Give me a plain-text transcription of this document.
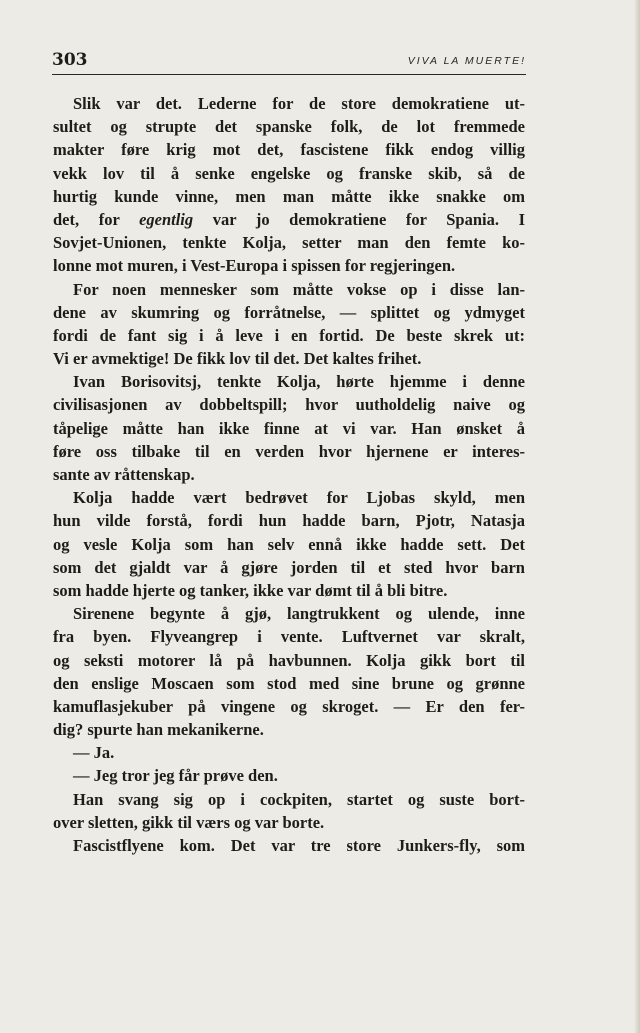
303	VIVA LA MUERTE!

Slik var det. Lederne for de store demokratiene ut-
sultet og strupte det spanske folk, de lot fremmede
makter føre krig mot det, fascistene fikk endog villig
vekk lov til å senke engelske og franske skib, så de
hurtig kunde vinne, men man måtte ikke snakke om
det, for egentlig var jo demokratiene for Spania. I
Sovjet-Unionen, tenkte Kolja, setter man den femte ko-
lonne mot muren, i Vest-Europa i spissen for regjeringen.

For noen mennesker som måtte vokse op i disse lan-
dene av skumring og forråtnelse, — splittet og ydmyget
fordi de fant sig i å leve i en fortid. De beste skrek ut:
Vi er avmektige! De fikk lov til det. Det kaltes frihet.

Ivan Borisovitsj, tenkte Kolja, hørte hjemme i denne
civilisasjonen av dobbeltspill; hvor uutholdelig naive og
tåpelige måtte han ikke finne at vi var. Han ønsket å
føre oss tilbake til en verden hvor hjernene er interes-
sante av råttenskap.

Kolja hadde vært bedrøvet for Ljobas skyld, men
hun vilde forstå, fordi hun hadde barn, Pjotr, Natasja
og vesle Kolja som han selv ennå ikke hadde sett. Det
som det gjaldt var å gjøre jorden til et sted hvor barn
som hadde hjerte og tanker, ikke var dømt til å bli bitre.

Sirenene begynte å gjø, langtrukkent og ulende, inne
fra byen. Flyveangrep i vente. Luftvernet var skralt,
og seksti motorer lå på havbunnen. Kolja gikk bort til
den enslige Moscaen som stod med sine brune og grønne
kamuflasjekuber på vingene og skroget. — Er den fer-
dig? spurte han mekanikerne.

— Ja.

— Jeg tror jeg får prøve den.

Han svang sig op i cockpiten, startet og suste bort-
over sletten, gikk til værs og var borte.

Fascistflyene kom. Det var tre store Junkers-fly, som
